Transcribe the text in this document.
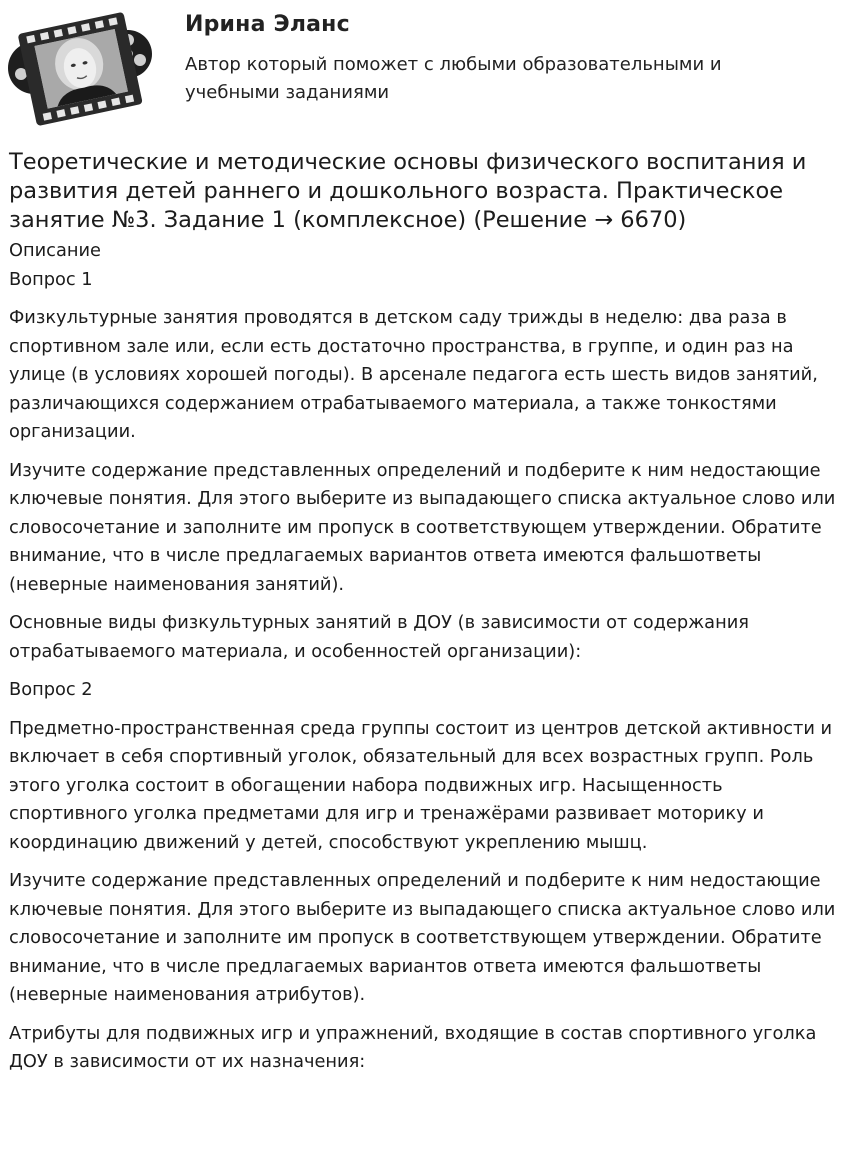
Ирина Эланс
Автор который поможет с любыми образовательными и учебными заданиями
Теоретические и методические основы физического воспитания и развития детей раннего и дошкольного возраста. Практическое занятие №3. Задание 1 (комплексное) (Решение → 6670)

Описание

Вопрос 1

Физкультурные занятия проводятся в детском саду трижды в неделю: два раза в спортивном зале или, если есть достаточно пространства, в группе, и один раз на улице (в условиях хорошей погоды). В арсенале педагога есть шесть видов занятий, различающихся содержанием отрабатываемого материала, а также тонкостями организации.

Изучите содержание представленных определений и подберите к ним недостающие ключевые понятия. Для этого выберите из выпадающего списка актуальное слово или словосочетание и заполните им пропуск в соответствующем утверждении. Обратите внимание, что в числе предлагаемых вариантов ответа имеются фальшответы (неверные наименования занятий).

Основные виды физкультурных занятий в ДОУ (в зависимости от содержания отрабатываемого материала, и особенностей организации):

Вопрос 2

Предметно-пространственная среда группы состоит из центров детской активности и включает в себя спортивный уголок, обязательный для всех возрастных групп. Роль этого уголка состоит в обогащении набора подвижных игр. Насыщенность спортивного уголка предметами для игр и тренажёрами развивает моторику и координацию движений у детей, способствуют укреплению мышц.

Изучите содержание представленных определений и подберите к ним недостающие ключевые понятия. Для этого выберите из выпадающего списка актуальное слово или словосочетание и заполните им пропуск в соответствующем утверждении. Обратите внимание, что в числе предлагаемых вариантов ответа имеются фальшответы (неверные наименования атрибутов).

Атрибуты для подвижных игр и упражнений, входящие в состав спортивного уголка ДОУ в зависимости от их назначения:
